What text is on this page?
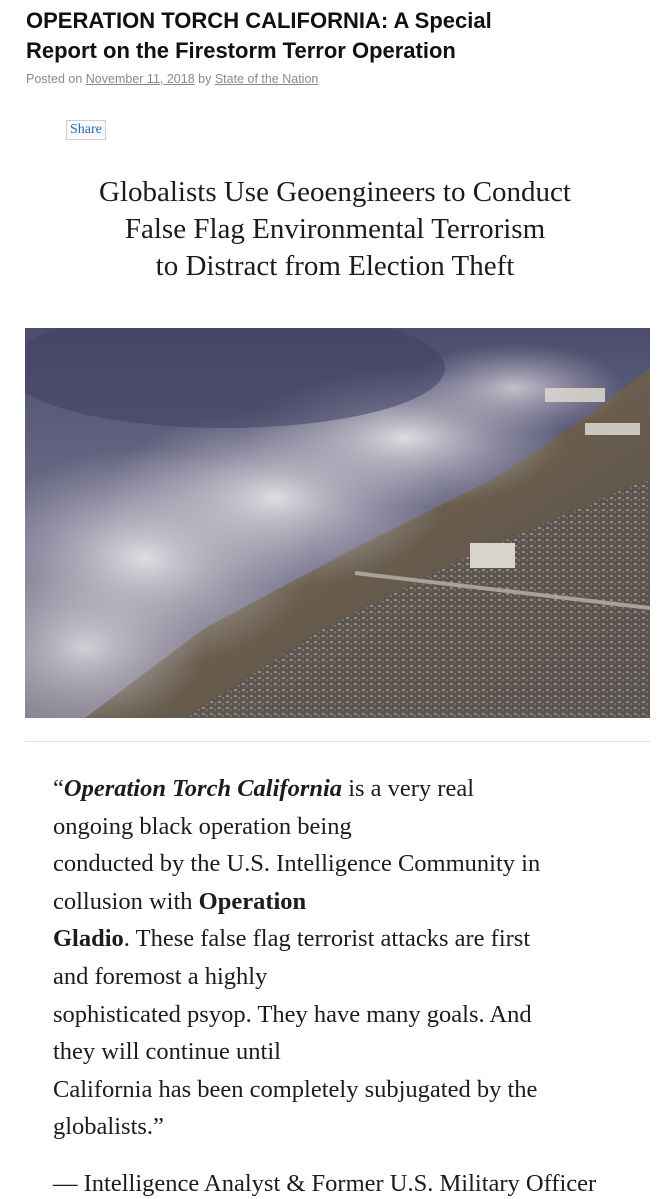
OPERATION TORCH CALIFORNIA: A Special
Report on the Firestorm Terror Operation
Posted on November 11, 2018 by State of the Nation
Share
Globalists Use Geoengineers to Conduct
False Flag Environmental Terrorism
to Distract from Election Theft
“Operation Torch California is a very real
ongoing black operation being
conducted by the U.S. Intelligence Community in
collusion with Operation
Gladio. These false flag terrorist attacks are first
and foremost a highly
sophisticated psyop. They have many goals. And
they will continue until
California has been completely subjugated by the
globalists.”
— Intelligence Analyst & Former U.S. Military Officer
